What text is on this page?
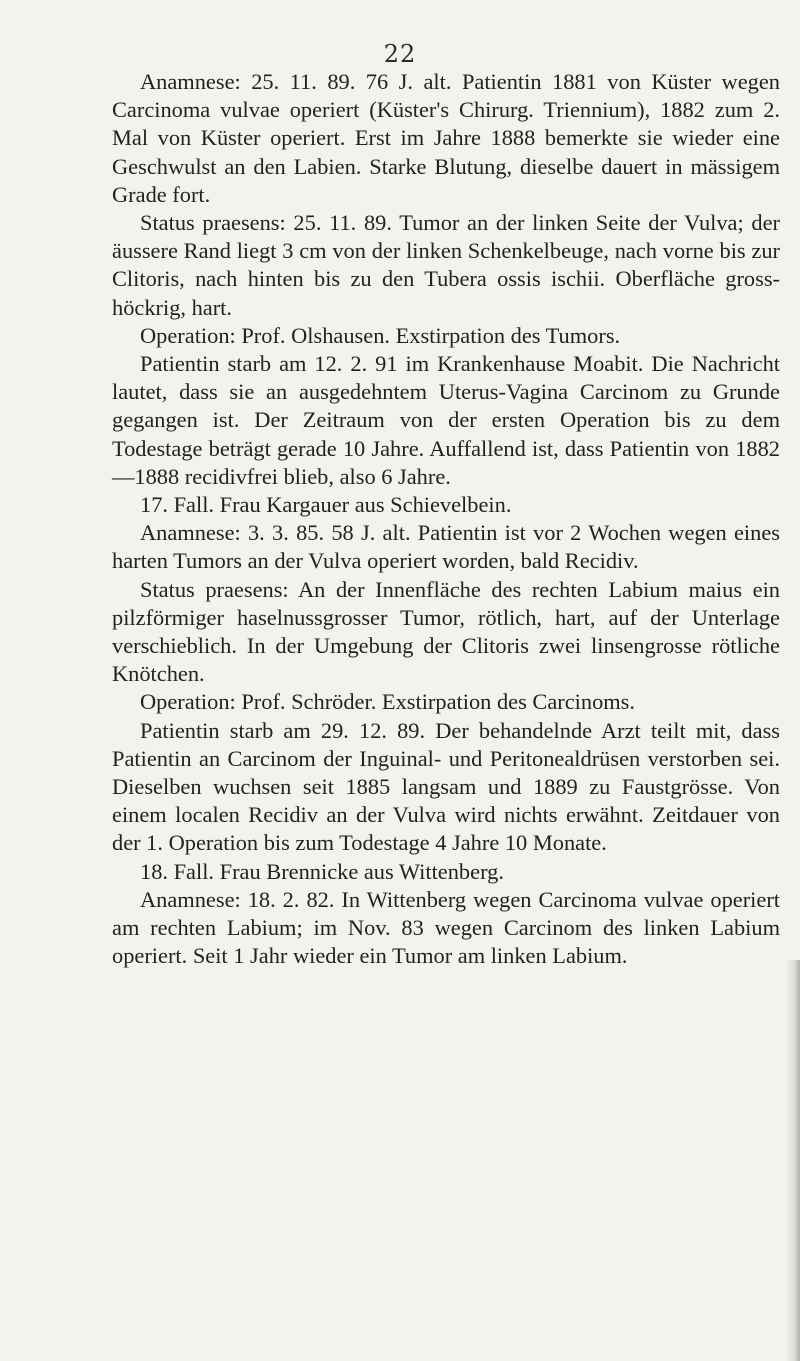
22

Anamnese: 25. 11. 89. 76 J. alt. Patientin 1881 von Küster wegen Carcinoma vulvae operiert (Küster's Chirurg. Triennium), 1882 zum 2. Mal von Küster operiert. Erst im Jahre 1888 bemerkte sie wieder eine Geschwulst an den Labien. Starke Blutung, dieselbe dauert in mässigem Grade fort.

Status praesens: 25. 11. 89. Tumor an der linken Seite der Vulva; der äussere Rand liegt 3 cm von der linken Schenkelbeuge, nach vorne bis zur Clitoris, nach hinten bis zu den Tubera ossis ischii. Oberfläche gross-höckrig, hart.

Operation: Prof. Olshausen. Exstirpation des Tumors.

Patientin starb am 12. 2. 91 im Krankenhause Moabit. Die Nachricht lautet, dass sie an ausgedehntem Uterus-Vagina Carcinom zu Grunde gegangen ist. Der Zeitraum von der ersten Operation bis zu dem Todestage beträgt gerade 10 Jahre. Auffallend ist, dass Patientin von 1882—1888 recidivfrei blieb, also 6 Jahre.

17. Fall. Frau Kargauer aus Schievelbein.

Anamnese: 3. 3. 85. 58 J. alt. Patientin ist vor 2 Wochen wegen eines harten Tumors an der Vulva operiert worden, bald Recidiv.

Status praesens: An der Innenfläche des rechten Labium maius ein pilzförmiger haselnussgrosser Tumor, rötlich, hart, auf der Unterlage verschieblich. In der Umgebung der Clitoris zwei linsengrosse rötliche Knötchen.

Operation: Prof. Schröder. Exstirpation des Carcinoms.

Patientin starb am 29. 12. 89. Der behandelnde Arzt teilt mit, dass Patientin an Carcinom der Inguinal- und Peritonealdrüsen verstorben sei. Dieselben wuchsen seit 1885 langsam und 1889 zu Faustgrösse. Von einem localen Recidiv an der Vulva wird nichts erwähnt. Zeitdauer von der 1. Operation bis zum Todestage 4 Jahre 10 Monate.

18. Fall. Frau Brennicke aus Wittenberg.

Anamnese: 18. 2. 82. In Wittenberg wegen Carcinoma vulvae operiert am rechten Labium; im Nov. 83 wegen Carcinom des linken Labium operiert. Seit 1 Jahr wieder ein Tumor am linken Labium.
